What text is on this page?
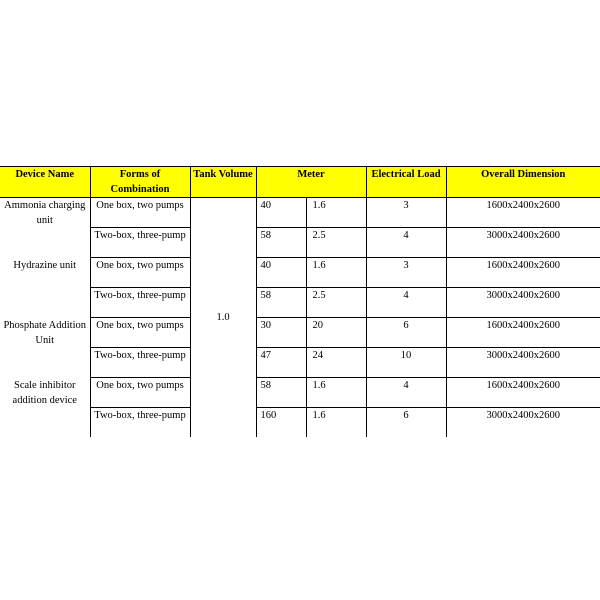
Device Name	Forms of Combination	Tank Volume	Meter		Electrical Load	Overall Dimension
Ammonia charging unit	One box, two pumps	1.0	40	1.6	3	1600x2400x2600
	Two-box, three-pump		58	2.5	4	3000x2400x2600
Hydrazine unit	One box, two pumps		40	1.6	3	1600x2400x2600
	Two-box, three-pump		58	2.5	4	3000x2400x2600
Phosphate Addition Unit	One box, two pumps		30	20	6	1600x2400x2600
	Two-box, three-pump		47	24	10	3000x2400x2600
Scale inhibitor addition device	One box, two pumps		58	1.6	4	1600x2400x2600
	Two-box, three-pump		160	1.6	6	3000x2400x2600
